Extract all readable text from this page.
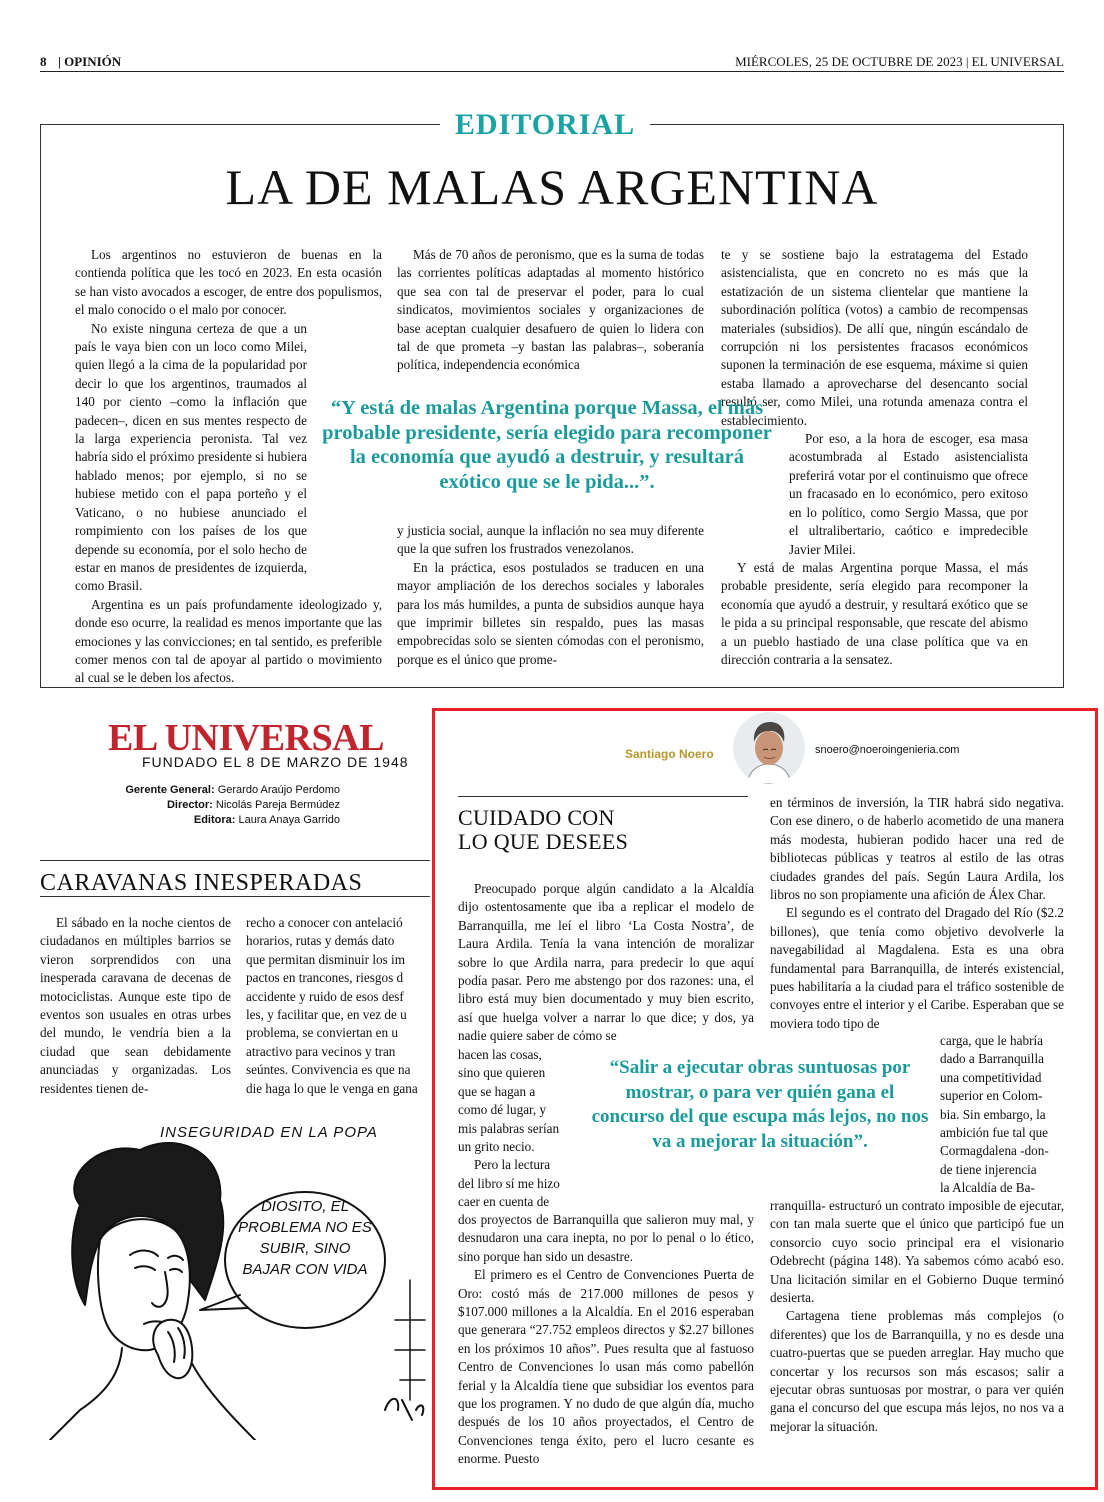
8 | OPINIÓN	MIÉRCOLES, 25 DE OCTUBRE DE 2023 | EL UNIVERSAL
EDITORIAL
LA DE MALAS ARGENTINA

Los argentinos no estuvieron de buenas en la contienda política que les tocó en 2023. En esta ocasión se han visto avocados a escoger, de entre dos populismos, el malo conocido o el malo por conocer.

No existe ninguna certeza de que a un país le vaya bien con un loco como Milei, quien llegó a la cima de la popularidad por decir lo que los argentinos, traumados al 140 por ciento –como la inflación que padecen–, dicen en sus mentes respecto de la larga experiencia peronista. Tal vez habría sido el próximo presidente si hubiera hablado menos; por ejemplo, si no se hubiese metido con el papa porteño y el Vaticano, o no hubiese anunciado el rompimiento con los países de los que depende su economía, por el solo hecho de estar en manos de presidentes de izquierda, como Brasil.

Argentina es un país profundamente ideologizado y, donde eso ocurre, la realidad es menos importante que las emociones y las convicciones; en tal sentido, es preferible comer menos con tal de apoyar al partido o movimiento al cual se le deben los afectos.

Más de 70 años de peronismo, que es la suma de todas las corrientes políticas adaptadas al momento histórico que sea con tal de preservar el poder, para lo cual sindicatos, movimientos sociales y organizaciones de base aceptan cualquier desafuero de quien lo lidera con tal de que prometa –y bastan las palabras–, soberanía política, independencia económica

y justicia social, aunque la inflación no sea muy diferente que la que sufren los frustrados venezolanos.

En la práctica, esos postulados se traducen en una mayor ampliación de los derechos sociales y laborales para los más humildes, a punta de subsidios aunque haya que imprimir billetes sin respaldo, pues las masas empobrecidas solo se sienten cómodas con el peronismo, porque es el único que prome-

te y se sostiene bajo la estratagema del Estado asistencialista, que en concreto no es más que la estatización de un sistema clientelar que mantiene la subordinación política (votos) a cambio de recompensas materiales (subsidios). De allí que, ningún escándalo de corrupción ni los persistentes fracasos económicos suponen la terminación de ese esquema, máxime si quien estaba llamado a aprovecharse del desencanto social resultó ser, como Milei, una rotunda amenaza contra el establecimiento.

Por eso, a la hora de escoger, esa masa acostumbrada al Estado asistencialista preferirá votar por el continuismo que ofrece un fracasado en lo económico, pero exitoso en lo político, como Sergio Massa, que por el ultralibertario, caótico e impredecible Javier Milei.

Y está de malas Argentina porque Massa, el más probable presidente, sería elegido para recomponer la economía que ayudó a destruir, y resultará exótico que se le pida a su principal responsable, que rescate del abismo a un pueblo hastiado de una clase política que va en dirección contraria a la sensatez.

“Y está de malas Argentina porque Massa, el más probable presidente, sería elegido para recomponer la economía que ayudó a destruir, y resultará exótico que se le pida...”.
EL UNIVERSAL
FUNDADO EL 8 DE MARZO DE 1948
Gerente General: Gerardo Araújo Perdomo
Director: Nicolás Pareja Bermúdez
Editora: Laura Anaya Garrido
CARAVANAS INESPERADAS

El sábado en la noche cientos de ciudadanos en múltiples barrios se vieron sorprendidos con una inesperada caravana de decenas de motociclistas. Aunque este tipo de eventos son usuales en otras urbes del mundo, le vendría bien a la ciudad que sean debidamente anunciadas y organizadas. Los residentes tienen de-

recho a conocer con antelació
horarios, rutas y demás dato
que permitan disminuir los im
pactos en trancones, riesgos d
accidente y ruido de esos desf
les, y facilitar que, en vez de u
problema, se conviertan en u
atractivo para vecinos y tran
seúntes. Convivencia es que na
die haga lo que le venga en gana
INSEGURIDAD EN LA POPA
DIOSITO, EL PROBLEMA NO ES SUBIR, SINO BAJAR CON VIDA
Santiago Noero	snoero@noeroingenieria.com
CUIDADO CON
LO QUE DESEES

Preocupado porque algún candidato a la Alcaldía dijo ostentosamente que iba a replicar el modelo de Barranquilla, me leí el libro ‘La Costa Nostra’, de Laura Ardila. Tenía la vana intención de moralizar sobre lo que Ardila narra, para predecir lo que aquí podía pasar. Pero me abstengo por dos razones: una, el libro está muy bien documentado y muy bien escrito, así que huelga volver a narrar lo que dice; y dos, ya nadie quiere saber de cómo se

hacen las cosas,
sino que quieren
que se hagan a
como dé lugar, y
mis palabras serían
un grito necio.
Pero la lectura
del libro sí me hizo
caer en cuenta de

dos proyectos de Barranquilla que salieron muy mal, y desnudaron una cara inepta, no por lo penal o lo ético, sino porque han sido un desastre.

El primero es el Centro de Convenciones Puerta de Oro: costó más de 217.000 millones de pesos y $107.000 millones a la Alcaldía. En el 2016 esperaban que generara “27.752 empleos directos y $2.27 billones en los próximos 10 años”. Pues resulta que al fastuoso Centro de Convenciones lo usan más como pabellón ferial y la Alcaldía tiene que subsidiar los eventos para que los programen. Y no dudo de que algún día, mucho después de los 10 años proyectados, el Centro de Convenciones tenga éxito, pero el lucro cesante es enorme. Puesto

en términos de inversión, la TIR habrá sido negativa. Con ese dinero, o de haberlo acometido de una manera más modesta, hubieran podido hacer una red de bibliotecas públicas y teatros al estilo de las otras ciudades grandes del país. Según Laura Ardila, los libros no son propiamente una afición de Álex Char.

El segundo es el contrato del Dragado del Río ($2.2 billones), que tenía como objetivo devolverle la navegabilidad al Magdalena. Esta es una obra fundamental para Barranquilla, de interés existencial, pues habilitaría a la ciudad para el tráfico sostenible de convoyes entre el interior y el Caribe. Esperaban que se moviera todo tipo de

carga, que le habría
dado a Barranquilla
una competitividad
superior en Colom-
bia. Sin embargo, la
ambición fue tal que
Cormagdalena -don-
de tiene injerencia
la Alcaldía de Ba-

rranquilla- estructuró un contrato imposible de ejecutar, con tan mala suerte que el único que participó fue un consorcio cuyo socio principal era el visionario Odebrecht (página 148). Ya sabemos cómo acabó eso. Una licitación similar en el Gobierno Duque terminó desierta.

Cartagena tiene problemas más complejos (o diferentes) que los de Barranquilla, y no es desde una cuatro-puertas que se pueden arreglar. Hay mucho que concertar y los recursos son más escasos; salir a ejecutar obras suntuosas por mostrar, o para ver quién gana el concurso del que escupa más lejos, no nos va a mejorar la situación.

“Salir a ejecutar obras suntuosas por mostrar, o para ver quién gana el concurso del que escupa más lejos, no nos va a mejorar la situación”.
